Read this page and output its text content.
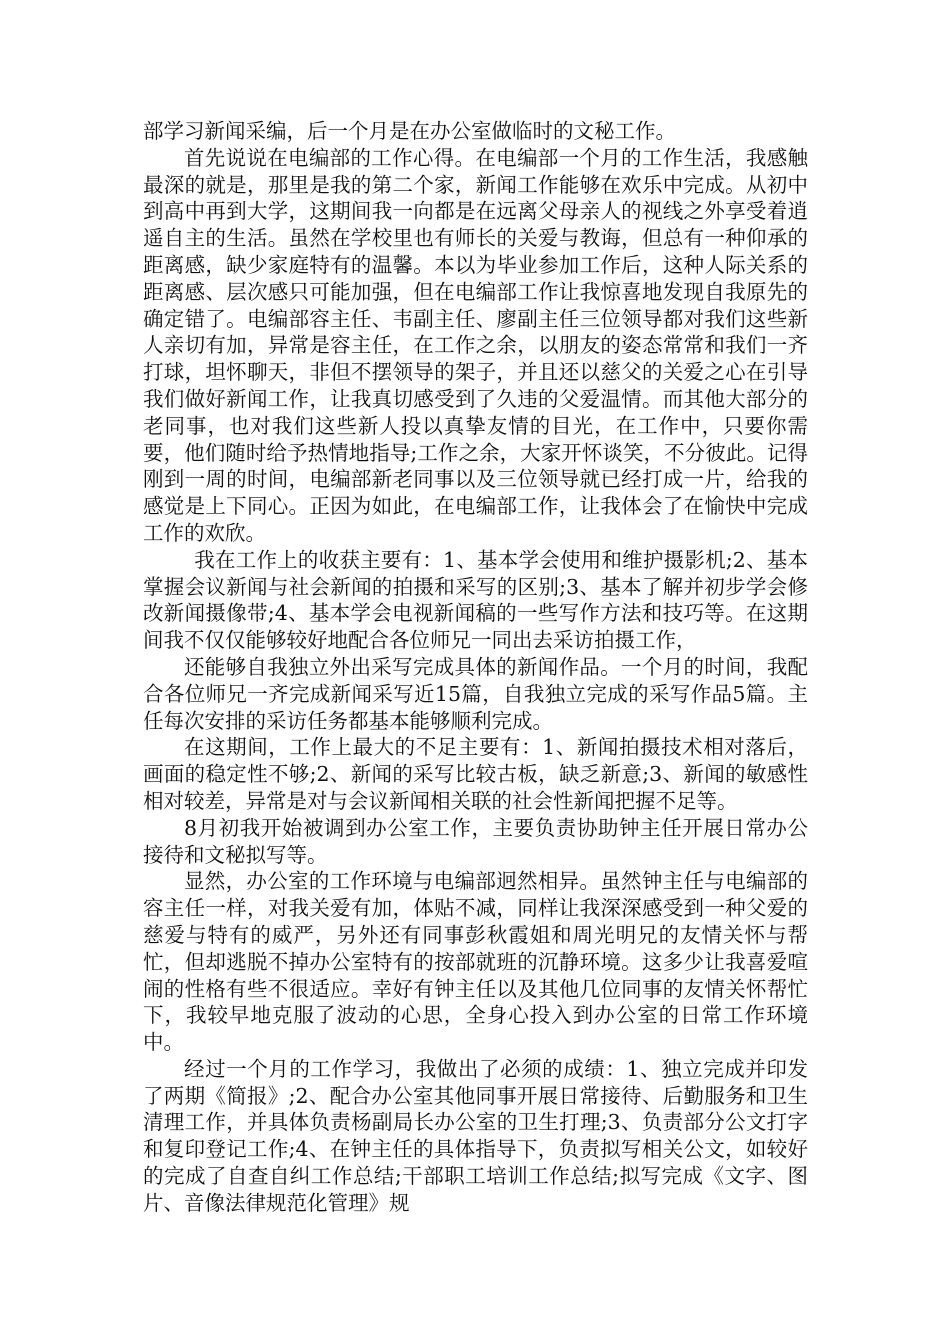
部学习新闻采编，后一个月是在办公室做临时的文秘工作。

首先说说在电编部的工作心得。在电编部一个月的工作生活，我感触最深的就是，那里是我的第二个家，新闻工作能够在欢乐中完成。从初中到高中再到大学，这期间我一向都是在远离父母亲人的视线之外享受着逍遥自主的生活。虽然在学校里也有师长的关爱与教诲，但总有一种仰承的距离感，缺少家庭特有的温馨。本以为毕业参加工作后，这种人际关系的距离感、层次感只可能加强，但在电编部工作让我惊喜地发现自我原先的确定错了。电编部容主任、韦副主任、廖副主任三位领导都对我们这些新人亲切有加，异常是容主任，在工作之余，以朋友的姿态常常和我们一齐打球，坦怀聊天，非但不摆领导的架子，并且还以慈父的关爱之心在引导我们做好新闻工作，让我真切感受到了久违的父爱温情。而其他大部分的老同事，也对我们这些新人投以真挚友情的目光，在工作中，只要你需要，他们随时给予热情地指导;工作之余，大家开怀谈笑，不分彼此。记得刚到一周的时间，电编部新老同事以及三位领导就已经打成一片，给我的感觉是上下同心。正因为如此，在电编部工作，让我体会了在愉快中完成工作的欢欣。

我在工作上的收获主要有：1、基本学会使用和维护摄影机;2、基本掌握会议新闻与社会新闻的拍摄和采写的区别;3、基本了解并初步学会修改新闻摄像带;4、基本学会电视新闻稿的一些写作方法和技巧等。在这期间我不仅仅能够较好地配合各位师兄一同出去采访拍摄工作，

还能够自我独立外出采写完成具体的新闻作品。一个月的时间，我配合各位师兄一齐完成新闻采写近15篇，自我独立完成的采写作品5篇。主任每次安排的采访任务都基本能够顺利完成。

在这期间，工作上最大的不足主要有：1、新闻拍摄技术相对落后，画面的稳定性不够;2、新闻的采写比较古板，缺乏新意;3、新闻的敏感性相对较差，异常是对与会议新闻相关联的社会性新闻把握不足等。

8月初我开始被调到办公室工作，主要负责协助钟主任开展日常办公接待和文秘拟写等。

显然，办公室的工作环境与电编部迥然相异。虽然钟主任与电编部的容主任一样，对我关爱有加，体贴不减，同样让我深深感受到一种父爱的慈爱与特有的威严，另外还有同事彭秋霞姐和周光明兄的友情关怀与帮忙，但却逃脱不掉办公室特有的按部就班的沉静环境。这多少让我喜爱喧闹的性格有些不很适应。幸好有钟主任以及其他几位同事的友情关怀帮忙下，我较早地克服了波动的心思，全身心投入到办公室的日常工作环境中。

经过一个月的工作学习，我做出了必须的成绩：1、独立完成并印发了两期《简报》;2、配合办公室其他同事开展日常接待、后勤服务和卫生清理工作，并具体负责杨副局长办公室的卫生打理;3、负责部分公文打字和复印登记工作;4、在钟主任的具体指导下，负责拟写相关公文，如较好的完成了自查自纠工作总结;干部职工培训工作总结;拟写完成《文字、图片、音像法律规范化管理》规
